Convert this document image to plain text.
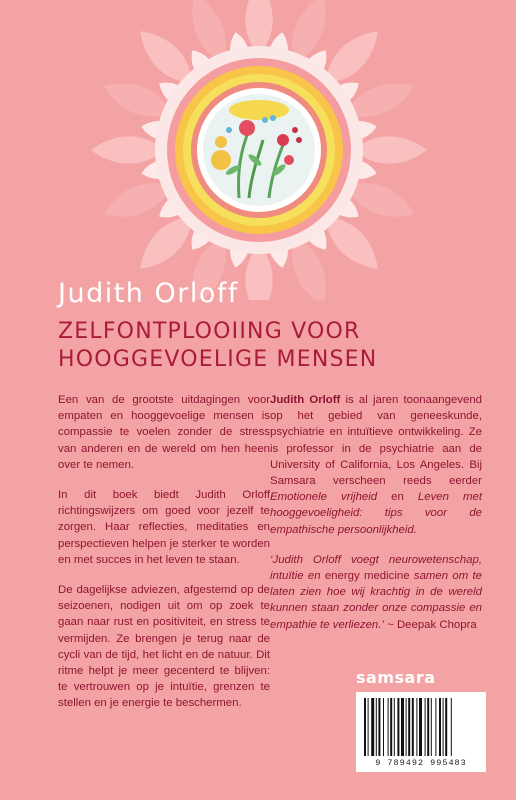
Judith Orloff
ZELFONTPLOOIING VOOR
HOOGGEVOELIGE MENSEN

Een van de grootste uitdagingen voor empaten en hooggevoelige mensen is compassie te voelen zonder de stress van anderen en de wereld om hen heen over te nemen.

In dit boek biedt Judith Orloff richtingswijzers om goed voor jezelf te zorgen. Haar reflecties, meditaties en perspectieven helpen je sterker te worden en met succes in het leven te staan.

De dagelijkse adviezen, afgestemd op de seizoenen, nodigen uit om op zoek te gaan naar rust en positiviteit, en stress te vermijden. Ze brengen je terug naar de cycli van de tijd, het licht en de natuur. Dit ritme helpt je meer gecenterd te blijven: te vertrouwen op je intuïtie, grenzen te stellen en je energie te beschermen.

Judith Orloff is al jaren toonaangevend op het gebied van geneeskunde, psychiatrie en intuïtieve ontwikkeling. Ze is professor in de psychiatrie aan de University of California, Los Angeles. Bij Samsara verscheen reeds eerder Emotionele vrijheid en Leven met hooggevoeligheid: tips voor de empathische persoonlijkheid.

‘Judith Orloff voegt neurowetenschap, intuïtie en energy medicine samen om te laten zien hoe wij krachtig in de wereld kunnen staan zonder onze compassie en empathie te verliezen.’ ~ Deepak Chopra

samsara
9 789492 995483
